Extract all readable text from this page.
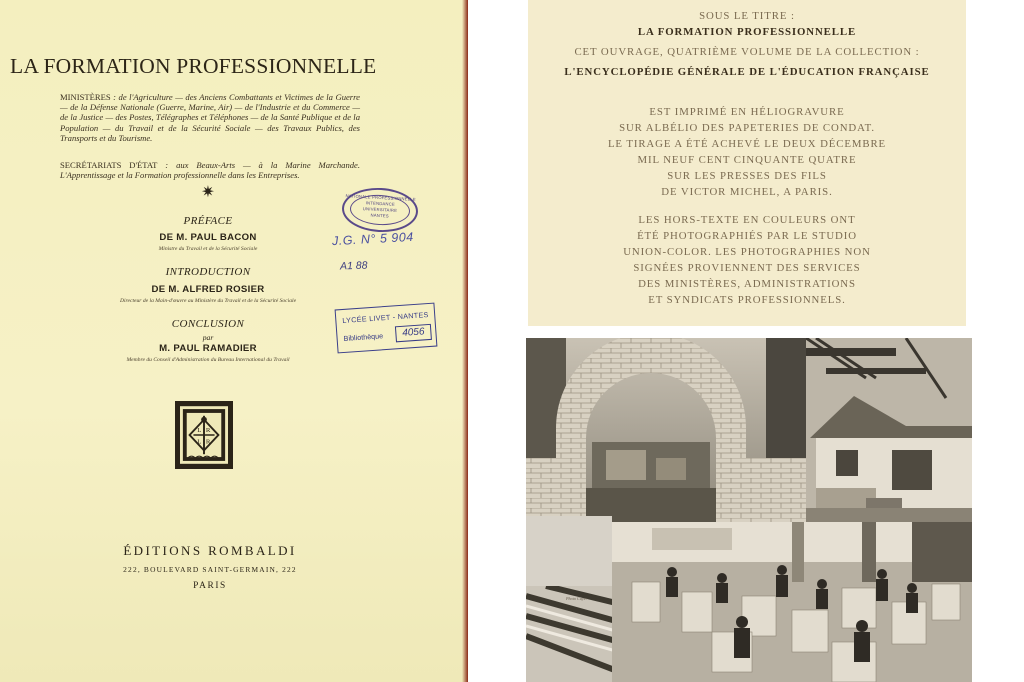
LA FORMATION PROFESSIONNELLE

MINISTÈRES : de l'Agriculture — des Anciens Combattants et Victimes de la Guerre — de la Défense Nationale (Guerre, Marine, Air) — de l'Industrie et du Commerce — de la Justice — des Postes, Télégraphes et Téléphones — de la Santé Publique et de la Population — du Travail et de la Sécurité Sociale — des Travaux Publics, des Transports et du Tourisme.

SECRÉTARIATS D'ÉTAT : aux Beaux-Arts — à la Marine Marchande. L'Apprentissage et la Formation professionnelle dans les Entreprises.

✷
PRÉFACE
DE M. PAUL BACON
Ministre du Travail et de la Sécurité Sociale
INTRODUCTION
DE M. ALFRED ROSIER
Directeur de la Main-d'œuvre au Ministère du Travail et de la Sécurité Sociale
CONCLUSION
par
M. PAUL RAMADIER
Membre du Conseil d'Administration du Bureau International du Travail
NATIONALE PROFESSIONNELLE
INTENDANCE
UNIVERSITAIRE
NANTES
J.G. N° 5 904
A1 88
LYCÉE LIVET - NANTES
Bibliothèque	4056
L R
L R
ÉDITIONS ROMBALDI
222, BOULEVARD SAINT-GERMAIN, 222
PARIS
SOUS LE TITRE :
LA FORMATION PROFESSIONNELLE
CET OUVRAGE, QUATRIÈME VOLUME DE LA COLLECTION :
L'ENCYCLOPÉDIE GÉNÉRALE DE L'ÉDUCATION FRANÇAISE
EST IMPRIMÉ EN HÉLIOGRAVURE
SUR ALBÉLIO DES PAPETERIES DE CONDAT.
LE TIRAGE A ÉTÉ ACHEVÉ LE DEUX DÉCEMBRE
MIL NEUF CENT CINQUANTE QUATRE
SUR LES PRESSES DES FILS
DE VICTOR MICHEL, A PARIS.
LES HORS-TEXTE EN COULEURS ONT
ÉTÉ PHOTOGRAPHIÉS PAR LE STUDIO
UNION-COLOR. LES PHOTOGRAPHIES NON
SIGNÉES PROVIENNENT DES SERVICES
DES MINISTÈRES, ADMINISTRATIONS
ET SYNDICATS PROFESSIONNELS.
Photo Cayer
